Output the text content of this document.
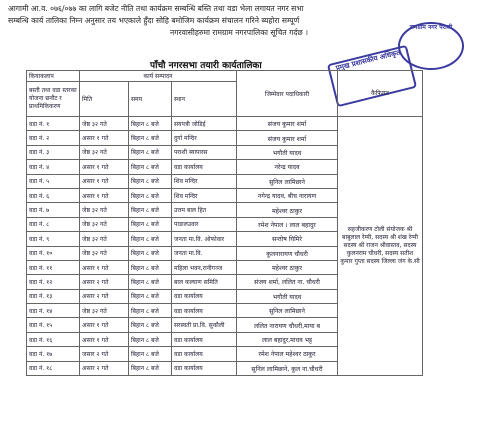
आगामी आ.व. ०७६/०७७ का लागि बजेट नीति तथा कार्यक्रम सम्बन्धि बस्ति तथा वडा भेला लगायत नगर सभा
सम्बन्धि कार्य तालिका निम्न अनुसार तय भएकाले हुँदा सोहि बमोजिम कार्यक्रम संचालन गरिने ब्यहोरा सम्पूर्ण
नगरवासीहरुमा रामग्राम नगरपालिका सूचित गर्दछ ।
रामग्राम नगर परासी
पाँचौ नगरसभा तयारी कार्यतालिका	प्रमुख प्रशासकीय अधिकृत
कियाकलाप	कार्य सम्पादन			जिम्मेवार पदाधिकारी	कैफियत
बस्ती तथा वडा स्तरका योजना छनौट र प्राथमिकिकरण	मिति	समय	स्थान		
वडा नं. १	जेष्ठ ३२ गते	बिहान ८ बजे	सयपत्री जोडिई	संजय कुमार शर्मा	सहजीकरण टोली संयोजक श्री बाबुलाल रेग्मी, सदस्य श्री शंख रेग्मी सदस्य श्री राजन श्रीवास्तव, सदस्य कुलनराम चौधरी, सदस्य सतीश कुमार गुप्ता सदस्य जिल्ला जंग के.सी
वडा नं. २	असार १ गते	बिहान ८ बजे	दुर्गा मन्दिर	संजय कुमार शर्मा	
वडा नं. ३	जेष्ठ ३२ गते	बिहान ८ बजे	पराशी ब्यापारस	भगौती यादव	
वडा नं. ४	असार १ गते	बिहान ८ बजे	वडा कार्यालय	नरेन्द्र यादव	
वडा नं. ५	असार १ गते	बिहान ८ बजे	शिव मन्दिर	सुनिल लामिछाने	
वडा नं. ६	असार १ गते	बिहान ८ बजे	शिव मन्दिर	नगेन्द्र यादव, बीच नारायण	
वडा नं. ७	जेष्ठ ३२ गते	बिहान ८ बजे	उत्तम बाल हित	महेश्वर ठाकुर	
वडा नं. ८	जेष्ठ ३२ गते	बिहान ८ बजे	पाडालउवार	रमेश नेपाल । लाल बहादुर	
वडा नं. ९	जेष्ठ ३२ गते	बिहान ८ बजे	जनता मा.वि. ओफोवार	सन्तोष घिमिरे	
वडा नं. १०	जेष्ठ ३२ गते	बिहान ८ बजे	जनता मा.वि.	कुलनारायण चौधरी	
वडा नं. ११	असार १ गते	बिहान ८ बजे	महिला भवन,रानीगञ्ज	महेश्वर ठाकुर	
वडा नं. १२	असार २ गते	बिहान ८ बजे	बाल कल्याण समिति	संजय शर्मा, ललित ना. चौधरी	
वडा नं. १३	असार २ गते	बिहान ८ बजे	वडा कार्यालय	भगौती यादव	
वडा नं. १४	जेष्ठ ३२ गते	बिहान ८ बजे	वडा कार्यालय	सुनिल लामिछाने	
वडा नं. १५	असार १ गते	बिहान ८ बजे	सरस्वती प्रा.वि. सुकौली	ललित नारायण चौधरी,माया ब	
वडा नं. १६	असार १ गते	बिहान ८ बजे	वडा कार्यालय	लाल बहादुर,माधव भट्ट	
वडा नं. १७	जसार २ गते	बिहान ८ बजे	वडा कार्यालय	रमेश नेपाल महेश्वर ठाकुर	
वडा नं. १८	असार २ गते	बिहान ८ बजे	वडा कार्यालय	सुनिल लामिछाने, कुल ना.चौधरी	
